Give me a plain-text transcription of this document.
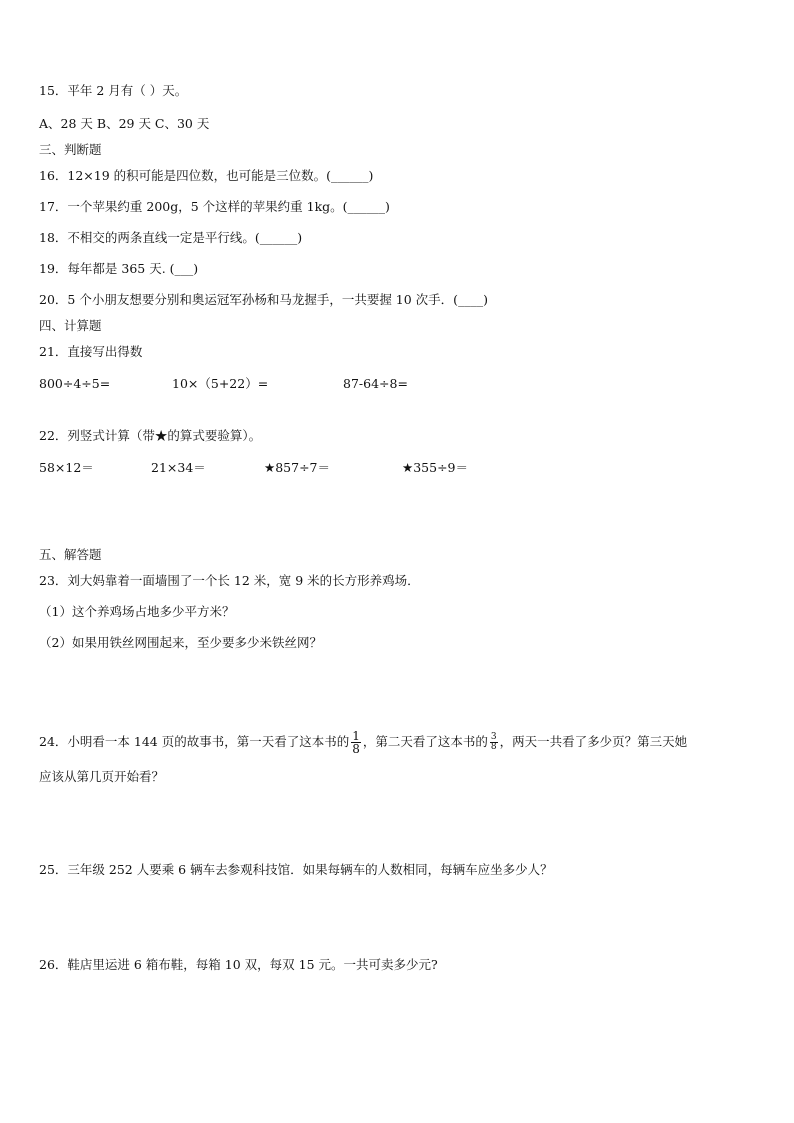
15．平年 2 月有（ ）天。
A、28 天 B、29 天 C、30 天
三、判断题
16．12×19 的积可能是四位数，也可能是三位数。(______)
17．一个苹果约重 200g，5 个这样的苹果约重 1kg。(______)
18．不相交的两条直线一定是平行线。(______)
19．每年都是 365 天. (___)
20．5 个小朋友想要分别和奥运冠军孙杨和马龙握手，一共要握 10 次手．(____)
四、计算题
21．直接写出得数
800÷4÷5=	10×（5+22）=	87-64÷8=
22．列竖式计算（带★的算式要验算）。
58×12＝	21×34＝	★857÷7＝	★355÷9＝
五、解答题
23．刘大妈靠着一面墙围了一个长 12 米，宽 9 米的长方形养鸡场．
（1）这个养鸡场占地多少平方米？
（2）如果用铁丝网围起来，至少要多少米铁丝网？
24．小明看一本 144 页的故事书，第一天看了这本书的 $\frac{1}{8}$ ，第二天看了这本书的 $\frac{3}{8}$ ，两天一共看了多少页？第三天她
应该从第几页开始看？
25．三年级 252 人要乘 6 辆车去参观科技馆．如果每辆车的人数相同，每辆车应坐多少人？
26．鞋店里运进 6 箱布鞋，每箱 10 双，每双 15 元。一共可卖多少元?
